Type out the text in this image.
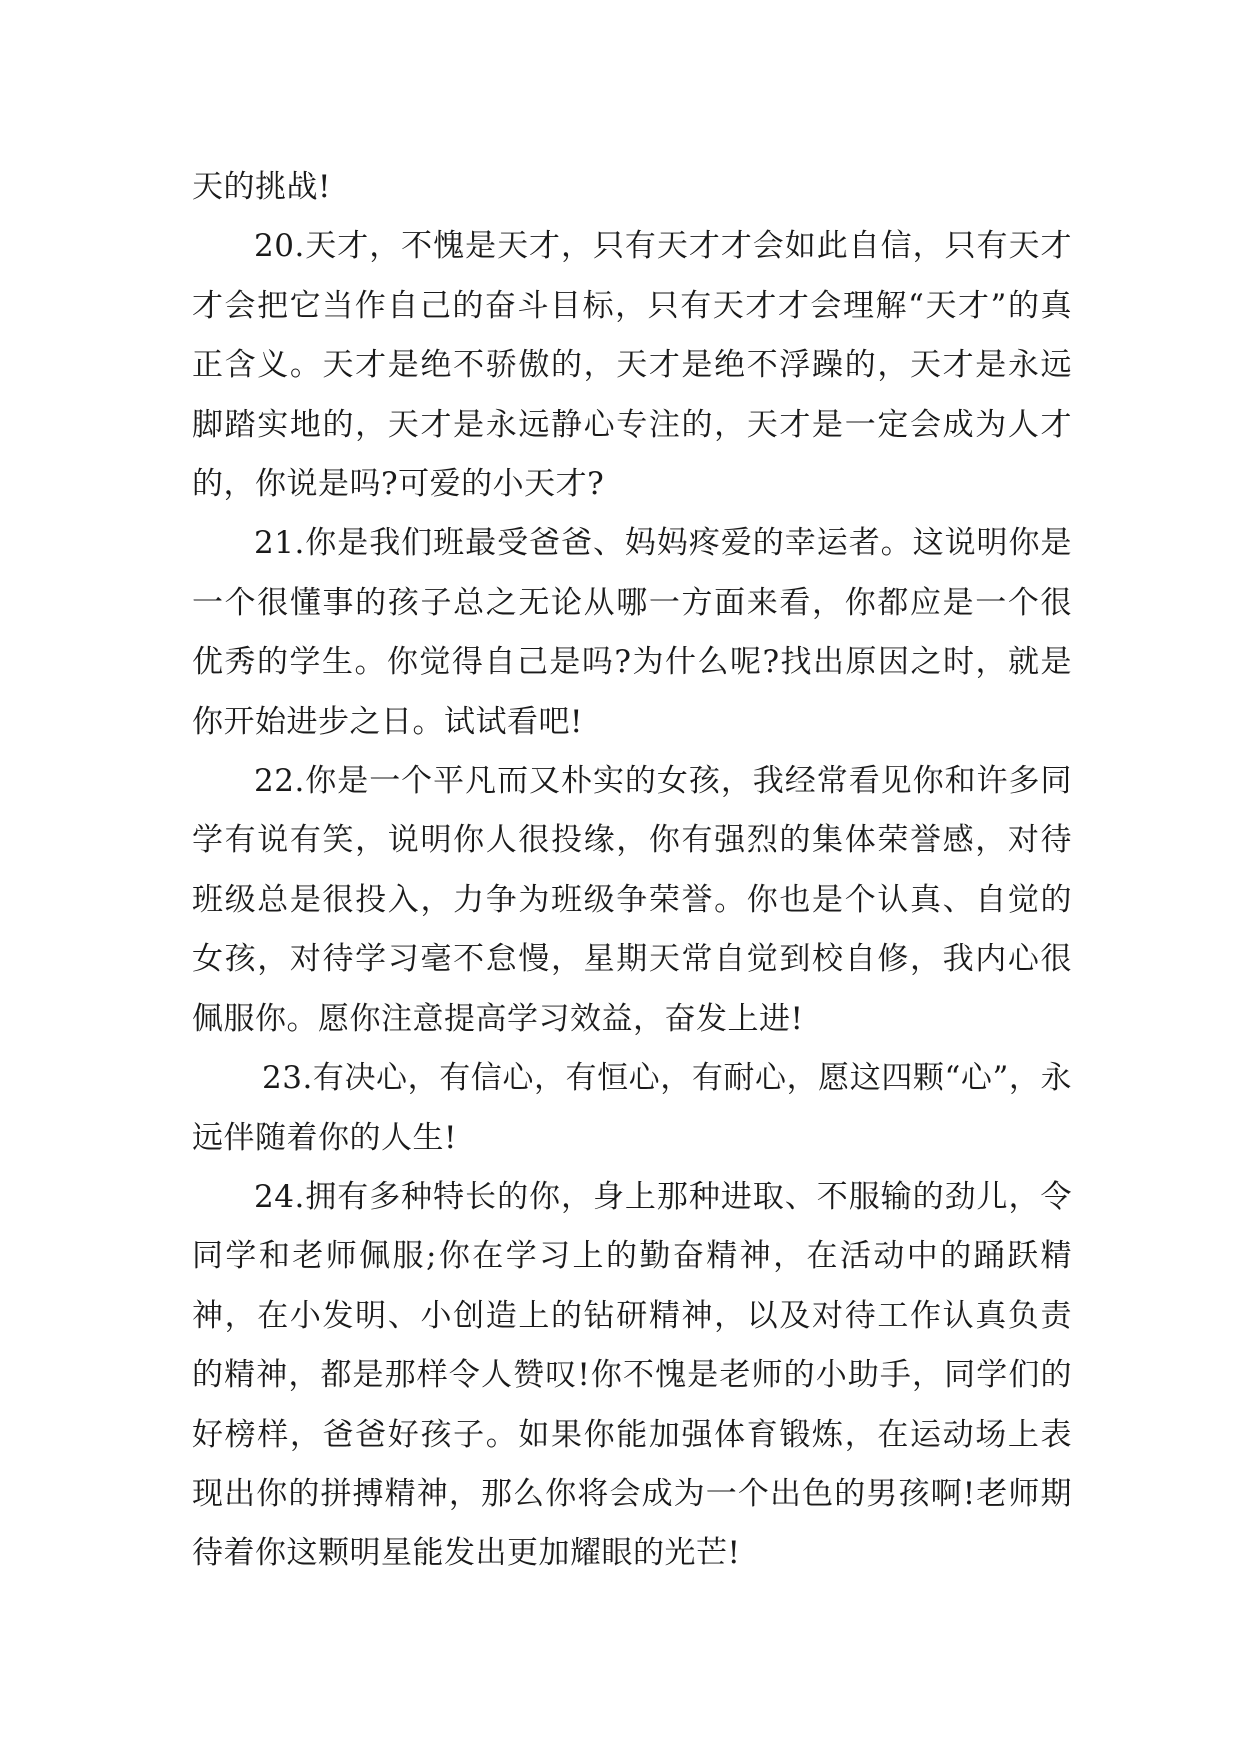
天的挑战!

20.天才，不愧是天才，只有天才才会如此自信，只有天才才会把它当作自己的奋斗目标，只有天才才会理解“天才”的真正含义。天才是绝不骄傲的，天才是绝不浮躁的，天才是永远脚踏实地的，天才是永远静心专注的，天才是一定会成为人才的，你说是吗?可爱的小天才?

21.你是我们班最受爸爸、妈妈疼爱的幸运者。这说明你是一个很懂事的孩子总之无论从哪一方面来看，你都应是一个很优秀的学生。你觉得自己是吗?为什么呢?找出原因之时，就是你开始进步之日。试试看吧!

22.你是一个平凡而又朴实的女孩，我经常看见你和许多同学有说有笑，说明你人很投缘，你有强烈的集体荣誉感，对待班级总是很投入，力争为班级争荣誉。你也是个认真、自觉的女孩，对待学习毫不怠慢，星期天常自觉到校自修，我内心很佩服你。愿你注意提高学习效益，奋发上进!

23.有决心，有信心，有恒心，有耐心，愿这四颗“心”，永远伴随着你的人生!

24.拥有多种特长的你，身上那种进取、不服输的劲儿，令同学和老师佩服;你在学习上的勤奋精神，在活动中的踊跃精神，在小发明、小创造上的钻研精神，以及对待工作认真负责的精神，都是那样令人赞叹!你不愧是老师的小助手，同学们的好榜样，爸爸好孩子。如果你能加强体育锻炼，在运动场上表现出你的拼搏精神，那么你将会成为一个出色的男孩啊!老师期待着你这颗明星能发出更加耀眼的光芒!
